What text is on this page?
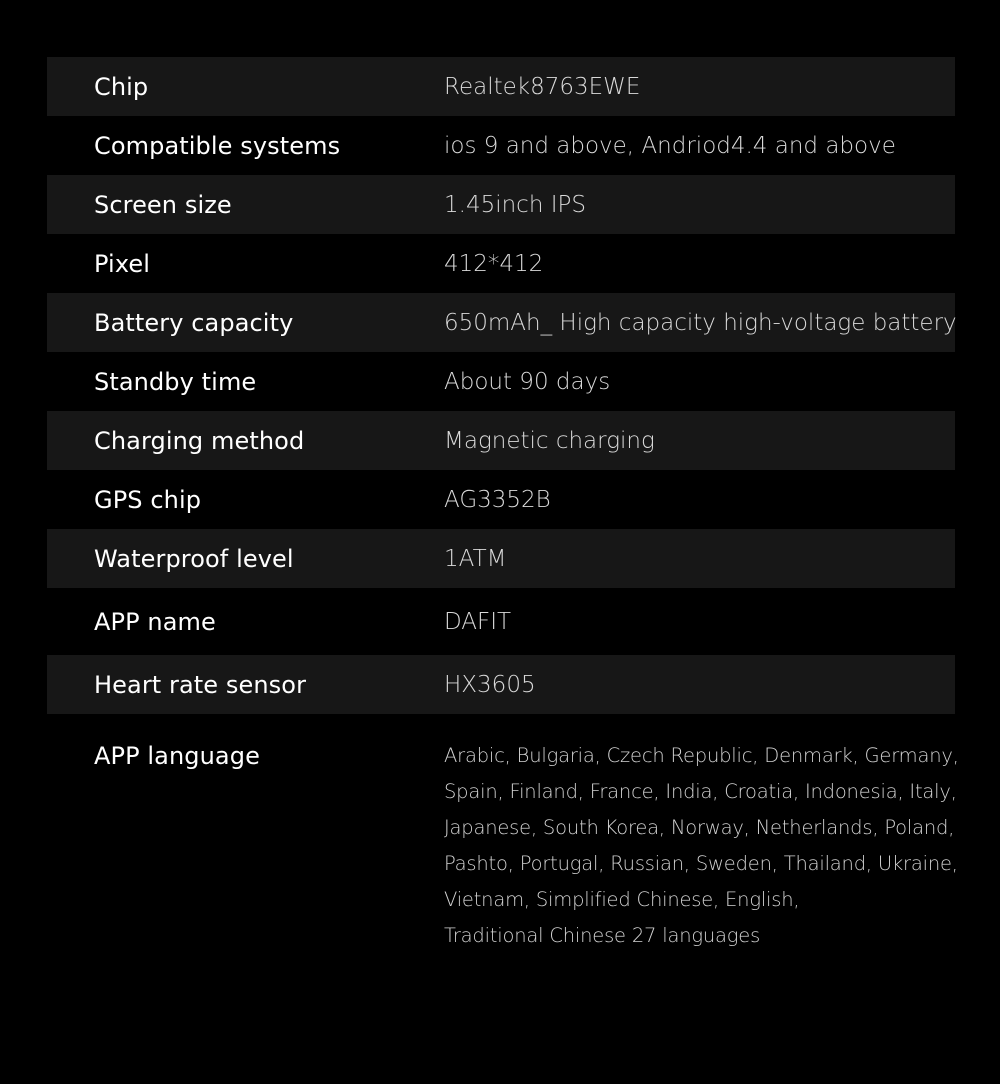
Chip	Realtek8763EWE
Compatible systems	ios 9 and above, Andriod4.4 and above
Screen size	1.45inch IPS
Pixel	412*412
Battery capacity	650mAh_ High capacity high-voltage battery
Standby time	About 90 days
Charging method	Magnetic charging
GPS chip	AG3352B
Waterproof level	1ATM
APP name	DAFIT
Heart rate sensor	HX3605
APP language	Arabic, Bulgaria, Czech Republic, Denmark, Germany,
Spain, Finland, France, India, Croatia, Indonesia, Italy,
Japanese, South Korea, Norway, Netherlands, Poland,
Pashto, Portugal, Russian, Sweden, Thailand, Ukraine,
Vietnam, Simplified Chinese, English,
Traditional Chinese 27 languages
